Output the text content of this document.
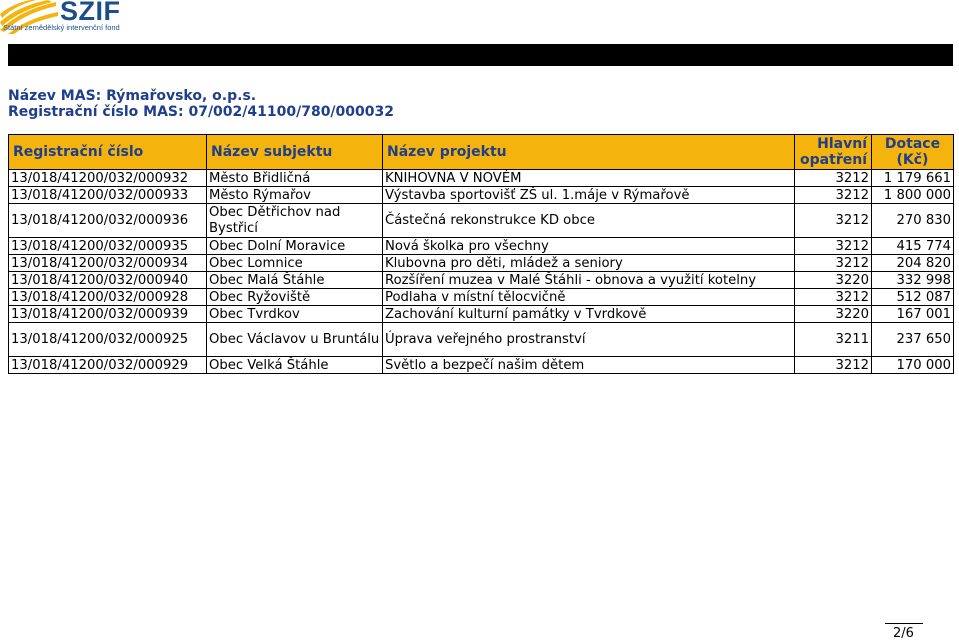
SZIF
Státní zemědělský intervenční fond
Název MAS: Rýmařovsko, o.p.s.
Registrační číslo MAS: 07/002/41100/780/000032
Registrační číslo	Název subjektu	Název projektu	Hlavní opatření	Dotace (Kč)
13/018/41200/032/000932	Město Břidličná	KNIHOVNA V NOVÉM	3212	1 179 661
13/018/41200/032/000933	Město Rýmařov	Výstavba sportovišť ZŠ ul. 1.máje v Rýmařově	3212	1 800 000
13/018/41200/032/000936	Obec Dětřichov nad Bystřicí	Částečná rekonstrukce KD obce	3212	270 830
13/018/41200/032/000935	Obec Dolní Moravice	Nová školka pro všechny	3212	415 774
13/018/41200/032/000934	Obec Lomnice	Klubovna pro děti, mládež a seniory	3212	204 820
13/018/41200/032/000940	Obec Malá Štáhle	Rozšíření muzea v Malé Štáhli - obnova a využití kotelny	3220	332 998
13/018/41200/032/000928	Obec Ryžoviště	Podlaha v místní tělocvičně	3212	512 087
13/018/41200/032/000939	Obec Tvrdkov	Zachování kulturní památky v Tvrdkově	3220	167 001
13/018/41200/032/000925	Obec Václavov u Bruntálu	Úprava veřejného prostranství	3211	237 650
13/018/41200/032/000929	Obec Velká Štáhle	Světlo a bezpečí našim dětem	3212	170 000
2/6
